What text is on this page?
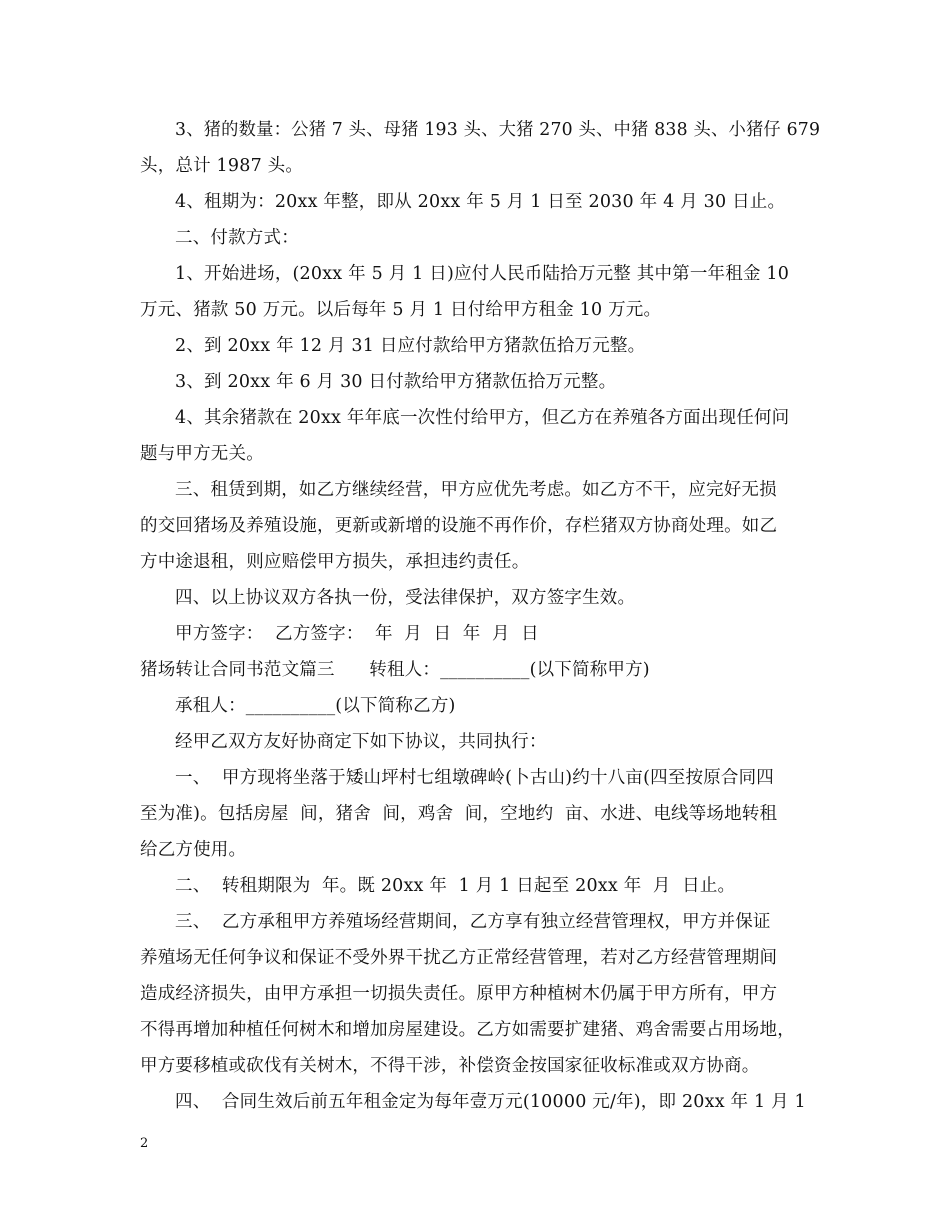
3、猪的数量：公猪 7 头、母猪 193 头、大猪 270 头、中猪 838 头、小猪仔 679
头，总计 1987 头。
4、租期为：20xx 年整，即从 20xx 年 5 月 1 日至 2030 年 4 月 30 日止。
二、付款方式：
1、开始进场，(20xx 年 5 月 1 日)应付人民币陆拾万元整 其中第一年租金 10
万元、猪款 50 万元。以后每年 5 月 1 日付给甲方租金 10 万元。
2、到 20xx 年 12 月 31 日应付款给甲方猪款伍拾万元整。
3、到 20xx 年 6 月 30 日付款给甲方猪款伍拾万元整。
4、其余猪款在 20xx 年年底一次性付给甲方，但乙方在养殖各方面出现任何问
题与甲方无关。
三、租赁到期，如乙方继续经营，甲方应优先考虑。如乙方不干，应完好无损
的交回猪场及养殖设施，更新或新增的设施不再作价，存栏猪双方协商处理。如乙
方中途退租，则应赔偿甲方损失，承担违约责任。
四、以上协议双方各执一份，受法律保护，双方签字生效。
甲方签字：  乙方签字：  年  月  日  年  月  日
猪场转让合同书范文篇三      转租人：__________(以下简称甲方)
承租人：__________(以下简称乙方)
经甲乙双方友好协商定下如下协议，共同执行：
一、  甲方现将坐落于矮山坪村七组墩碑岭(卜古山)约十八亩(四至按原合同四
至为准)。包括房屋  间，猪舍  间，鸡舍  间，空地约  亩、水进、电线等场地转租
给乙方使用。
二、  转租期限为  年。既 20xx 年  1 月 1 日起至 20xx 年  月  日止。
三、  乙方承租甲方养殖场经营期间，乙方享有独立经营管理权，甲方并保证
养殖场无任何争议和保证不受外界干扰乙方正常经营管理，若对乙方经营管理期间
造成经济损失，由甲方承担一切损失责任。原甲方种植树木仍属于甲方所有，甲方
不得再增加种植任何树木和增加房屋建设。乙方如需要扩建猪、鸡舍需要占用场地，
甲方要移植或砍伐有关树木，不得干涉，补偿资金按国家征收标准或双方协商。
四、  合同生效后前五年租金定为每年壹万元(10000 元/年)，即 20xx 年 1 月 1
2
